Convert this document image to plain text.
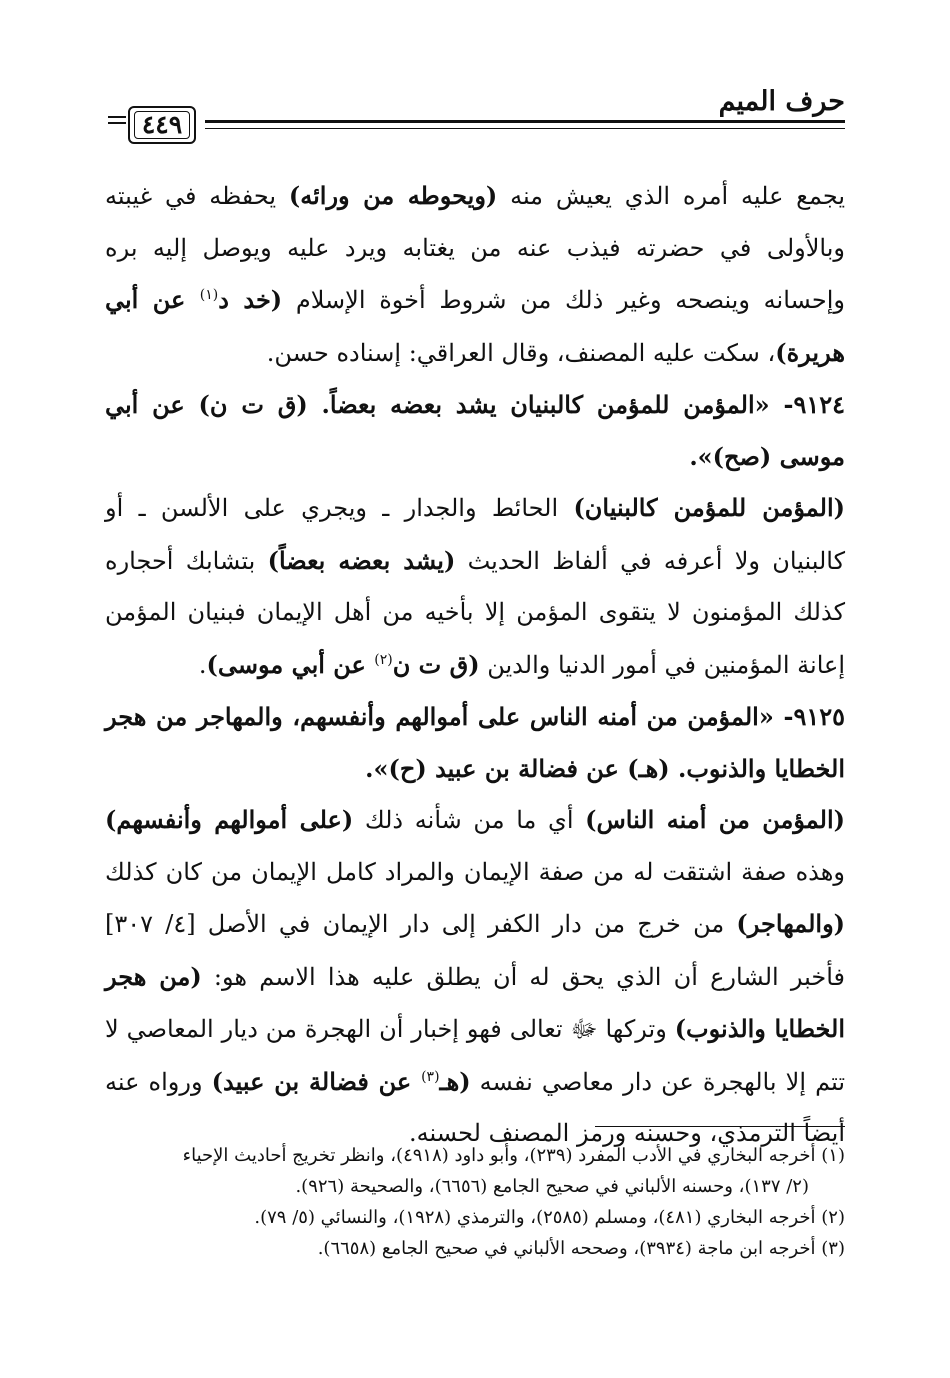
حرف الميم
٤٤٩

يجمع عليه أمره الذي يعيش منه (ويحوطه من ورائه) يحفظه في غيبته وبالأولى في حضرته فيذب عنه من يغتابه ويرد عليه ويوصل إليه بره وإحسانه وينصحه وغير ذلك من شروط أخوة الإسلام (خد د$^{(١)}$ عن أبي هريرة)، سكت عليه المصنف، وقال العراقي: إسناده حسن.

٩١٢٤- «المؤمن للمؤمن كالبنيان يشد بعضه بعضاً. (ق ت ن) عن أبي موسى (صح)».

(المؤمن للمؤمن كالبنيان) الحائط والجدار ـ ويجري على الألسن ـ أو كالبنيان ولا أعرفه في ألفاظ الحديث (يشد بعضه بعضاً) بتشابك أحجاره كذلك المؤمنون لا يتقوى المؤمن إلا بأخيه من أهل الإيمان فبنيان المؤمن إعانة المؤمنين في أمور الدنيا والدين (ق ت ن$^{(٢)}$ عن أبي موسى).

٩١٢٥- «المؤمن من أمنه الناس على أموالهم وأنفسهم، والمهاجر من هجر الخطايا والذنوب. (هـ) عن فضالة بن عبيد (ح)».

(المؤمن من أمنه الناس) أي ما من شأنه ذلك (على أموالهم وأنفسهم) وهذه صفة اشتقت له من صفة الإيمان والمراد كامل الإيمان من كان كذلك (والمهاجر) من خرج من دار الكفر إلى دار الإيمان في الأصل [٤/ ٣٠٧] فأخبر الشارع أن الذي يحق له أن يطلق عليه هذا الاسم هو: (من هجر الخطايا والذنوب) وتركها ﷻ تعالى فهو إخبار أن الهجرة من ديار المعاصي لا تتم إلا بالهجرة عن دار معاصي نفسه (هـ$^{(٣)}$ عن فضالة بن عبيد) ورواه عنه أيضاً الترمذي، وحسنه ورمز المصنف لحسنه.

(١) أخرجه البخاري في الأدب المفرد (٢٣٩)، وأبو داود (٤٩١٨)، وانظر تخريج أحاديث الإحياء

(٢/ ١٣٧)، وحسنه الألباني في صحيح الجامع (٦٦٥٦)، والصحيحة (٩٢٦).

(٢) أخرجه البخاري (٤٨١)، ومسلم (٢٥٨٥)، والترمذي (١٩٢٨)، والنسائي (٥/ ٧٩).

(٣) أخرجه ابن ماجة (٣٩٣٤)، وصححه الألباني في صحيح الجامع (٦٦٥٨).
